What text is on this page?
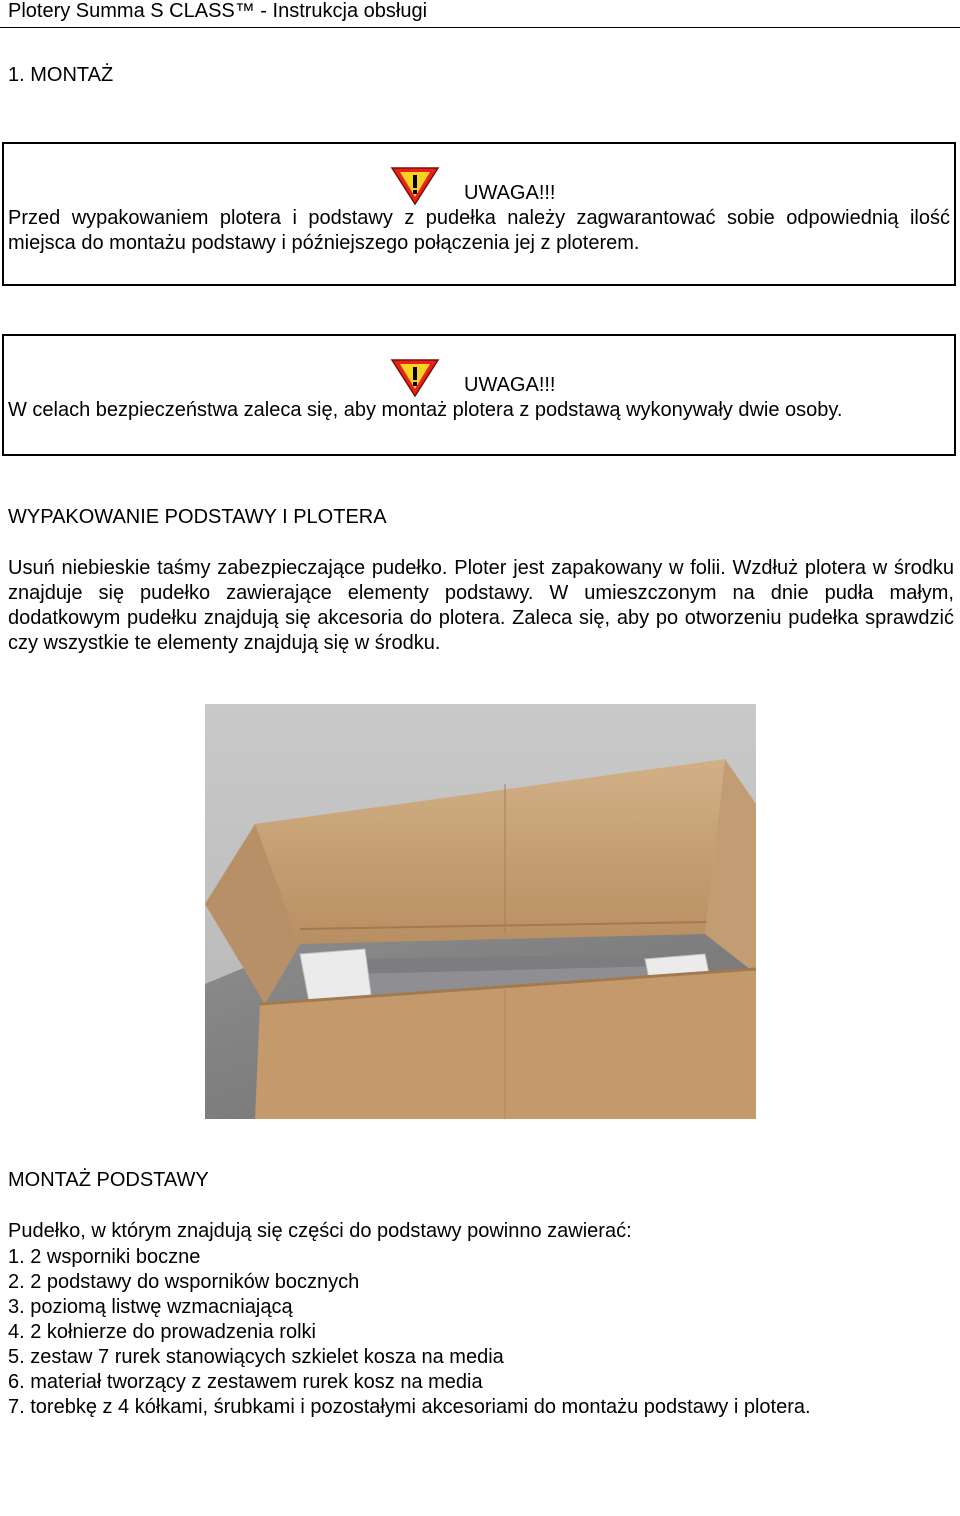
Plotery Summa S CLASS™ - Instrukcja obsługi
1. MONTAŻ
UWAGA!!!
Przed wypakowaniem plotera i podstawy z pudełka należy zagwarantować sobie odpowiednią ilość miejsca do montażu podstawy i późniejszego połączenia jej z ploterem.
UWAGA!!!
W celach bezpieczeństwa zaleca się, aby montaż plotera z podstawą wykonywały dwie osoby.
WYPAKOWANIE PODSTAWY I PLOTERA
Usuń niebieskie taśmy zabezpieczające pudełko. Ploter jest zapakowany w folii. Wzdłuż plotera w środku znajduje się pudełko zawierające elementy podstawy. W umieszczonym na dnie pudła małym, dodatkowym pudełku znajdują się akcesoria do plotera. Zaleca się, aby po otworzeniu pudełka sprawdzić czy wszystkie te elementy znajdują się w środku.
MONTAŻ PODSTAWY
Pudełko, w którym znajdują się części do podstawy powinno zawierać:
1. 2 wsporniki boczne
2. 2 podstawy do wsporników bocznych
3. poziomą listwę wzmacniającą
4. 2 kołnierze do prowadzenia rolki
5. zestaw 7 rurek stanowiących szkielet kosza na media
6. materiał tworzący z zestawem rurek kosz na media
7. torebkę z 4 kółkami, śrubkami i pozostałymi akcesoriami do montażu podstawy i plotera.
